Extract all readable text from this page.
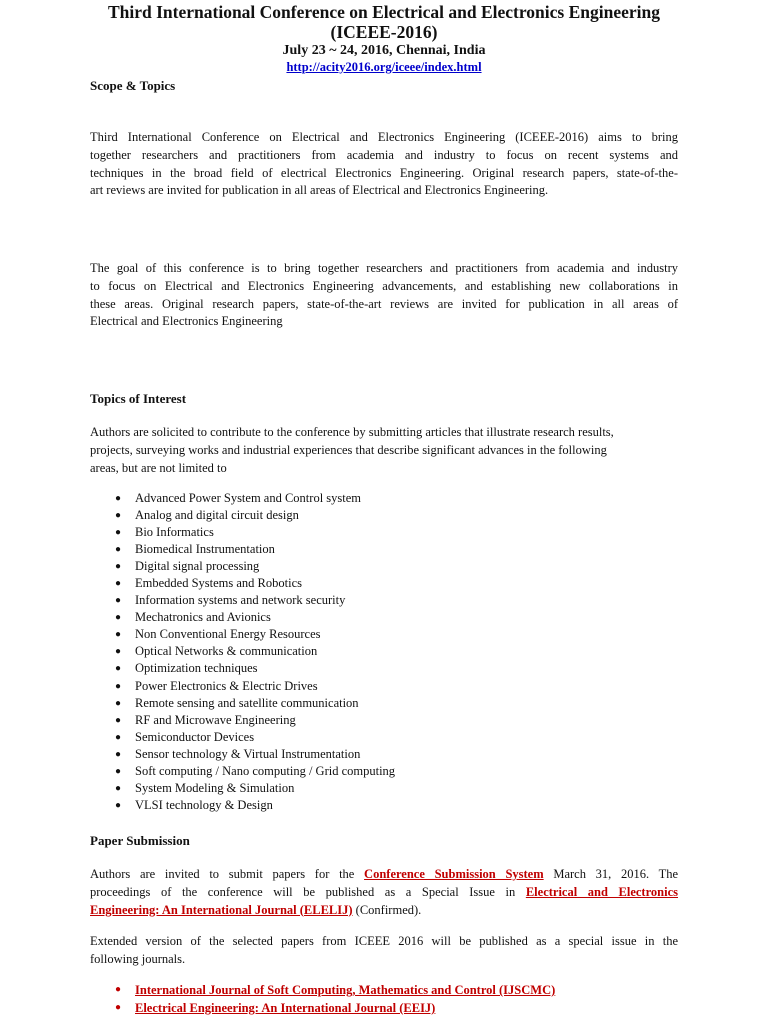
Third International Conference on Electrical and Electronics Engineering
(ICEEE-2016)
July 23 ~ 24, 2016, Chennai, India
http://acity2016.org/iceee/index.html
Scope & Topics
Third International Conference on Electrical and Electronics Engineering (ICEEE-2016) aims to bring
together researchers and practitioners from academia and industry to focus on recent systems and
techniques in the broad field of electrical Electronics Engineering. Original research papers, state-of-the-
art reviews are invited for publication in all areas of Electrical and Electronics Engineering.
The goal of this conference is to bring together researchers and practitioners from academia and industry
to focus on Electrical and Electronics Engineering advancements, and establishing new collaborations in
these areas. Original research papers, state-of-the-art reviews are invited for publication in all areas of
Electrical and Electronics Engineering
Topics of Interest
Authors are solicited to contribute to the conference by submitting articles that illustrate research results,
projects, surveying works and industrial experiences that describe significant advances in the following
areas, but are not limited to
● Advanced Power System and Control system
● Analog and digital circuit design
● Bio Informatics
● Biomedical Instrumentation
● Digital signal processing
● Embedded Systems and Robotics
● Information systems and network security
● Mechatronics and Avionics
● Non Conventional Energy Resources
● Optical Networks & communication
● Optimization techniques
● Power Electronics & Electric Drives
● Remote sensing and satellite communication
● RF and Microwave Engineering
● Semiconductor Devices
● Sensor technology & Virtual Instrumentation
● Soft computing / Nano computing / Grid computing
● System Modeling & Simulation
● VLSI technology & Design
Paper Submission
Authors are invited to submit papers for the Conference Submission System March 31, 2016. The
proceedings of the conference will be published as a Special Issue in Electrical and Electronics
Engineering: An International Journal (ELELIJ) (Confirmed).
Extended version of the selected papers from ICEEE 2016 will be published as a special issue in the
following journals.
● International Journal of Soft Computing, Mathematics and Control (IJSCMC)
● Electrical Engineering: An International Journal (EEIJ)
